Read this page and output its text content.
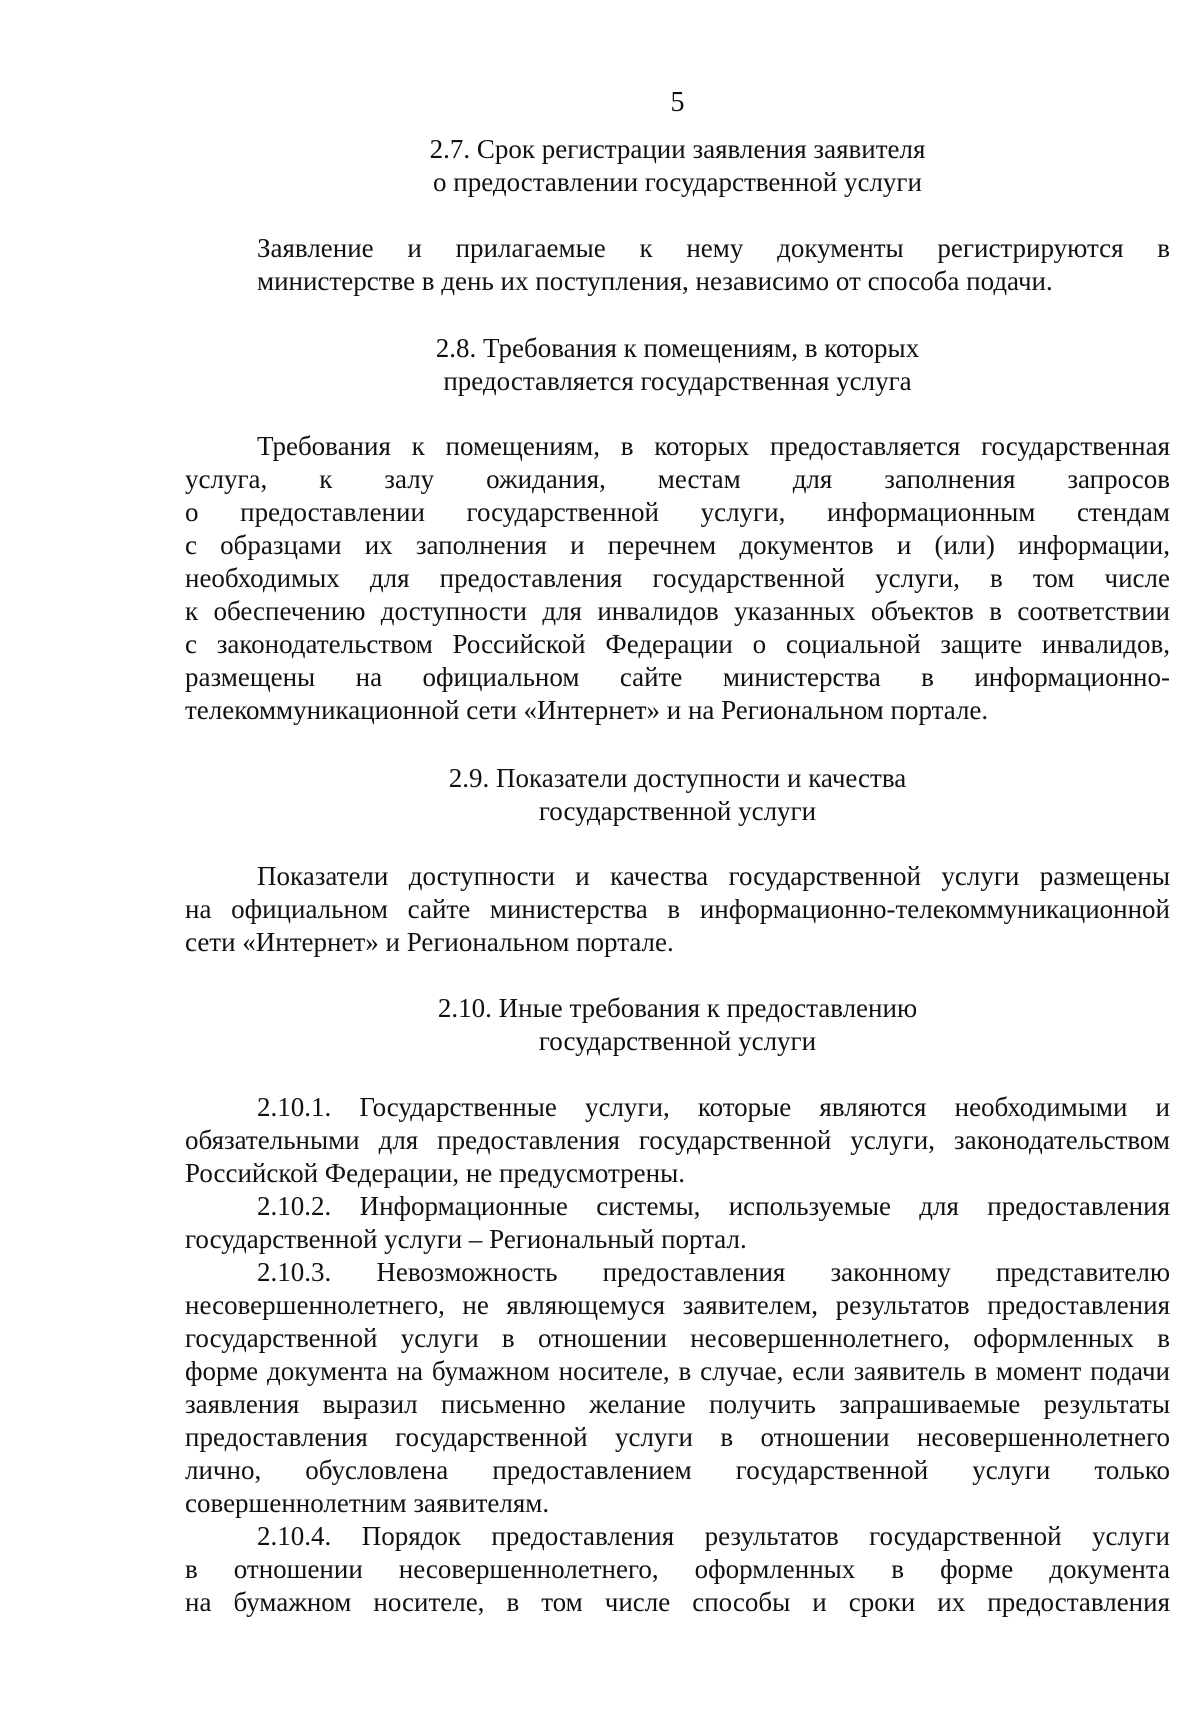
5
2.7. Срок регистрации заявления заявителя
о предоставлении государственной услуги
Заявление и прилагаемые к нему документы регистрируются в
министерстве в день их поступления, независимо от способа подачи.
2.8. Требования к помещениям, в которых
предоставляется государственная услуга
Требования к помещениям, в которых предоставляется государственная
услуга, к залу ожидания, местам для заполнения запросов
о предоставлении государственной услуги, информационным стендам
с образцами их заполнения и перечнем документов и (или) информации,
необходимых для предоставления государственной услуги, в том числе
к обеспечению доступности для инвалидов указанных объектов в соответствии
с законодательством Российской Федерации о социальной защите инвалидов,
размещены на официальном сайте министерства в информационно-
телекоммуникационной сети «Интернет» и на Региональном портале.
2.9. Показатели доступности и качества
государственной услуги
Показатели доступности и качества государственной услуги размещены
на официальном сайте министерства в информационно-телекоммуникационной
сети «Интернет» и Региональном портале.
2.10. Иные требования к предоставлению
государственной услуги
2.10.1. Государственные услуги, которые являются необходимыми и
обязательными для предоставления государственной услуги, законодательством
Российской Федерации, не предусмотрены.
2.10.2. Информационные системы, используемые для предоставления
государственной услуги – Региональный портал.
2.10.3. Невозможность предоставления законному представителю
несовершеннолетнего, не являющемуся заявителем, результатов предоставления
государственной услуги в отношении несовершеннолетнего, оформленных в
форме документа на бумажном носителе, в случае, если заявитель в момент подачи
заявления выразил письменно желание получить запрашиваемые результаты
предоставления государственной услуги в отношении несовершеннолетнего
лично, обусловлена предоставлением государственной услуги только
совершеннолетним заявителям.
2.10.4. Порядок предоставления результатов государственной услуги
в отношении несовершеннолетнего, оформленных в форме документа
на бумажном носителе, в том числе способы и сроки их предоставления
